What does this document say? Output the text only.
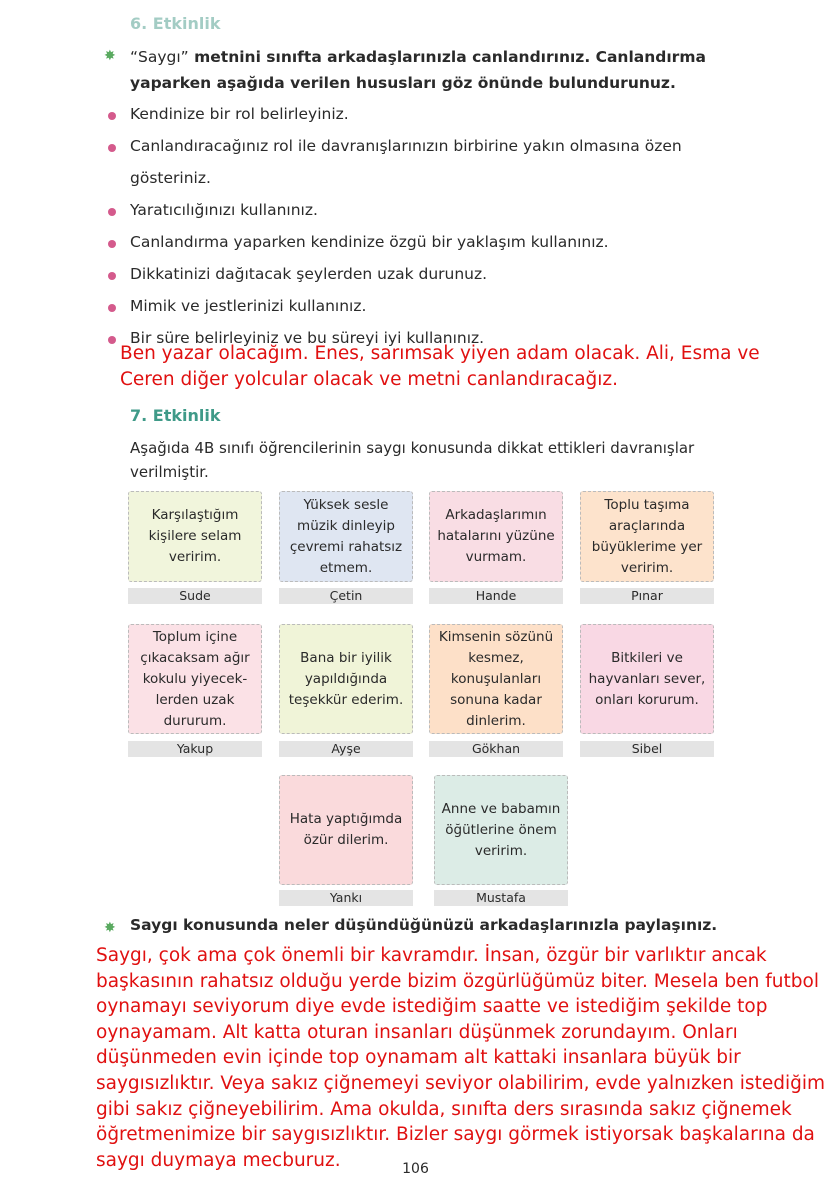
6. Etkinlik
✸ “Saygı” metnini sınıfta arkadaşlarınızla canlandırınız. Canlandırma yaparken aşağıda verilen hususları göz önünde bulundurunuz.
Kendinize bir rol belirleyiniz.
Canlandıracağınız rol ile davranışlarınızın birbirine yakın olmasına özen gösteriniz.
Yaratıcılığınızı kullanınız.
Canlandırma yaparken kendinize özgü bir yaklaşım kullanınız.
Dikkatinizi dağıtacak şeylerden uzak durunuz.
Mimik ve jestlerinizi kullanınız.
Bir süre belirleyiniz ve bu süreyi iyi kullanınız.
Ben yazar olacağım. Enes, sarımsak yiyen adam olacak. Ali, Esma ve Ceren diğer yolcular olacak ve metni canlandıracağız.
7. Etkinlik
Aşağıda 4B sınıfı öğrencilerinin saygı konusunda dikkat ettikleri davranışlar verilmiştir.
Karşılaştığım kişilere selam veririm.
Sude
Yüksek sesle müzik dinleyip çevremi rahatsız etmem.
Çetin
Arkadaşlarımın hatalarını yüzüne vurmam.
Hande
Toplu taşıma araçlarında büyüklerime yer veririm.
Pınar
Toplum içine çıkacaksam ağır kokulu yiyecek-lerden uzak dururum.
Yakup
Bana bir iyilik yapıldığında teşekkür ederim.
Ayşe
Kimsenin sözünü kesmez, konuşulanları sonuna kadar dinlerim.
Gökhan
Bitkileri ve hayvanları sever, onları korurum.
Sibel
Hata yaptığımda özür dilerim.
Yankı
Anne ve babamın öğütlerine önem veririm.
Mustafa
✸ Saygı konusunda neler düşündüğünüzü arkadaşlarınızla paylaşınız.
Saygı, çok ama çok önemli bir kavramdır. İnsan, özgür bir varlıktır ancak başkasının rahatsız olduğu yerde bizim özgürlüğümüz biter. Mesela ben futbol oynamayı seviyorum diye evde istediğim saatte ve istediğim şekilde top oynayamam. Alt katta oturan insanları düşünmek zorundayım. Onları düşünmeden evin içinde top oynamam alt kattaki insanlara büyük bir saygısızlıktır. Veya sakız çiğnemeyi seviyor olabilirim, evde yalnızken istediğim gibi sakız çiğneyebilirim. Ama okulda, sınıfta ders sırasında sakız çiğnemek öğretmenimize bir saygısızlıktır. Bizler saygı görmek istiyorsak başkalarına da saygı duymaya mecburuz.	106
